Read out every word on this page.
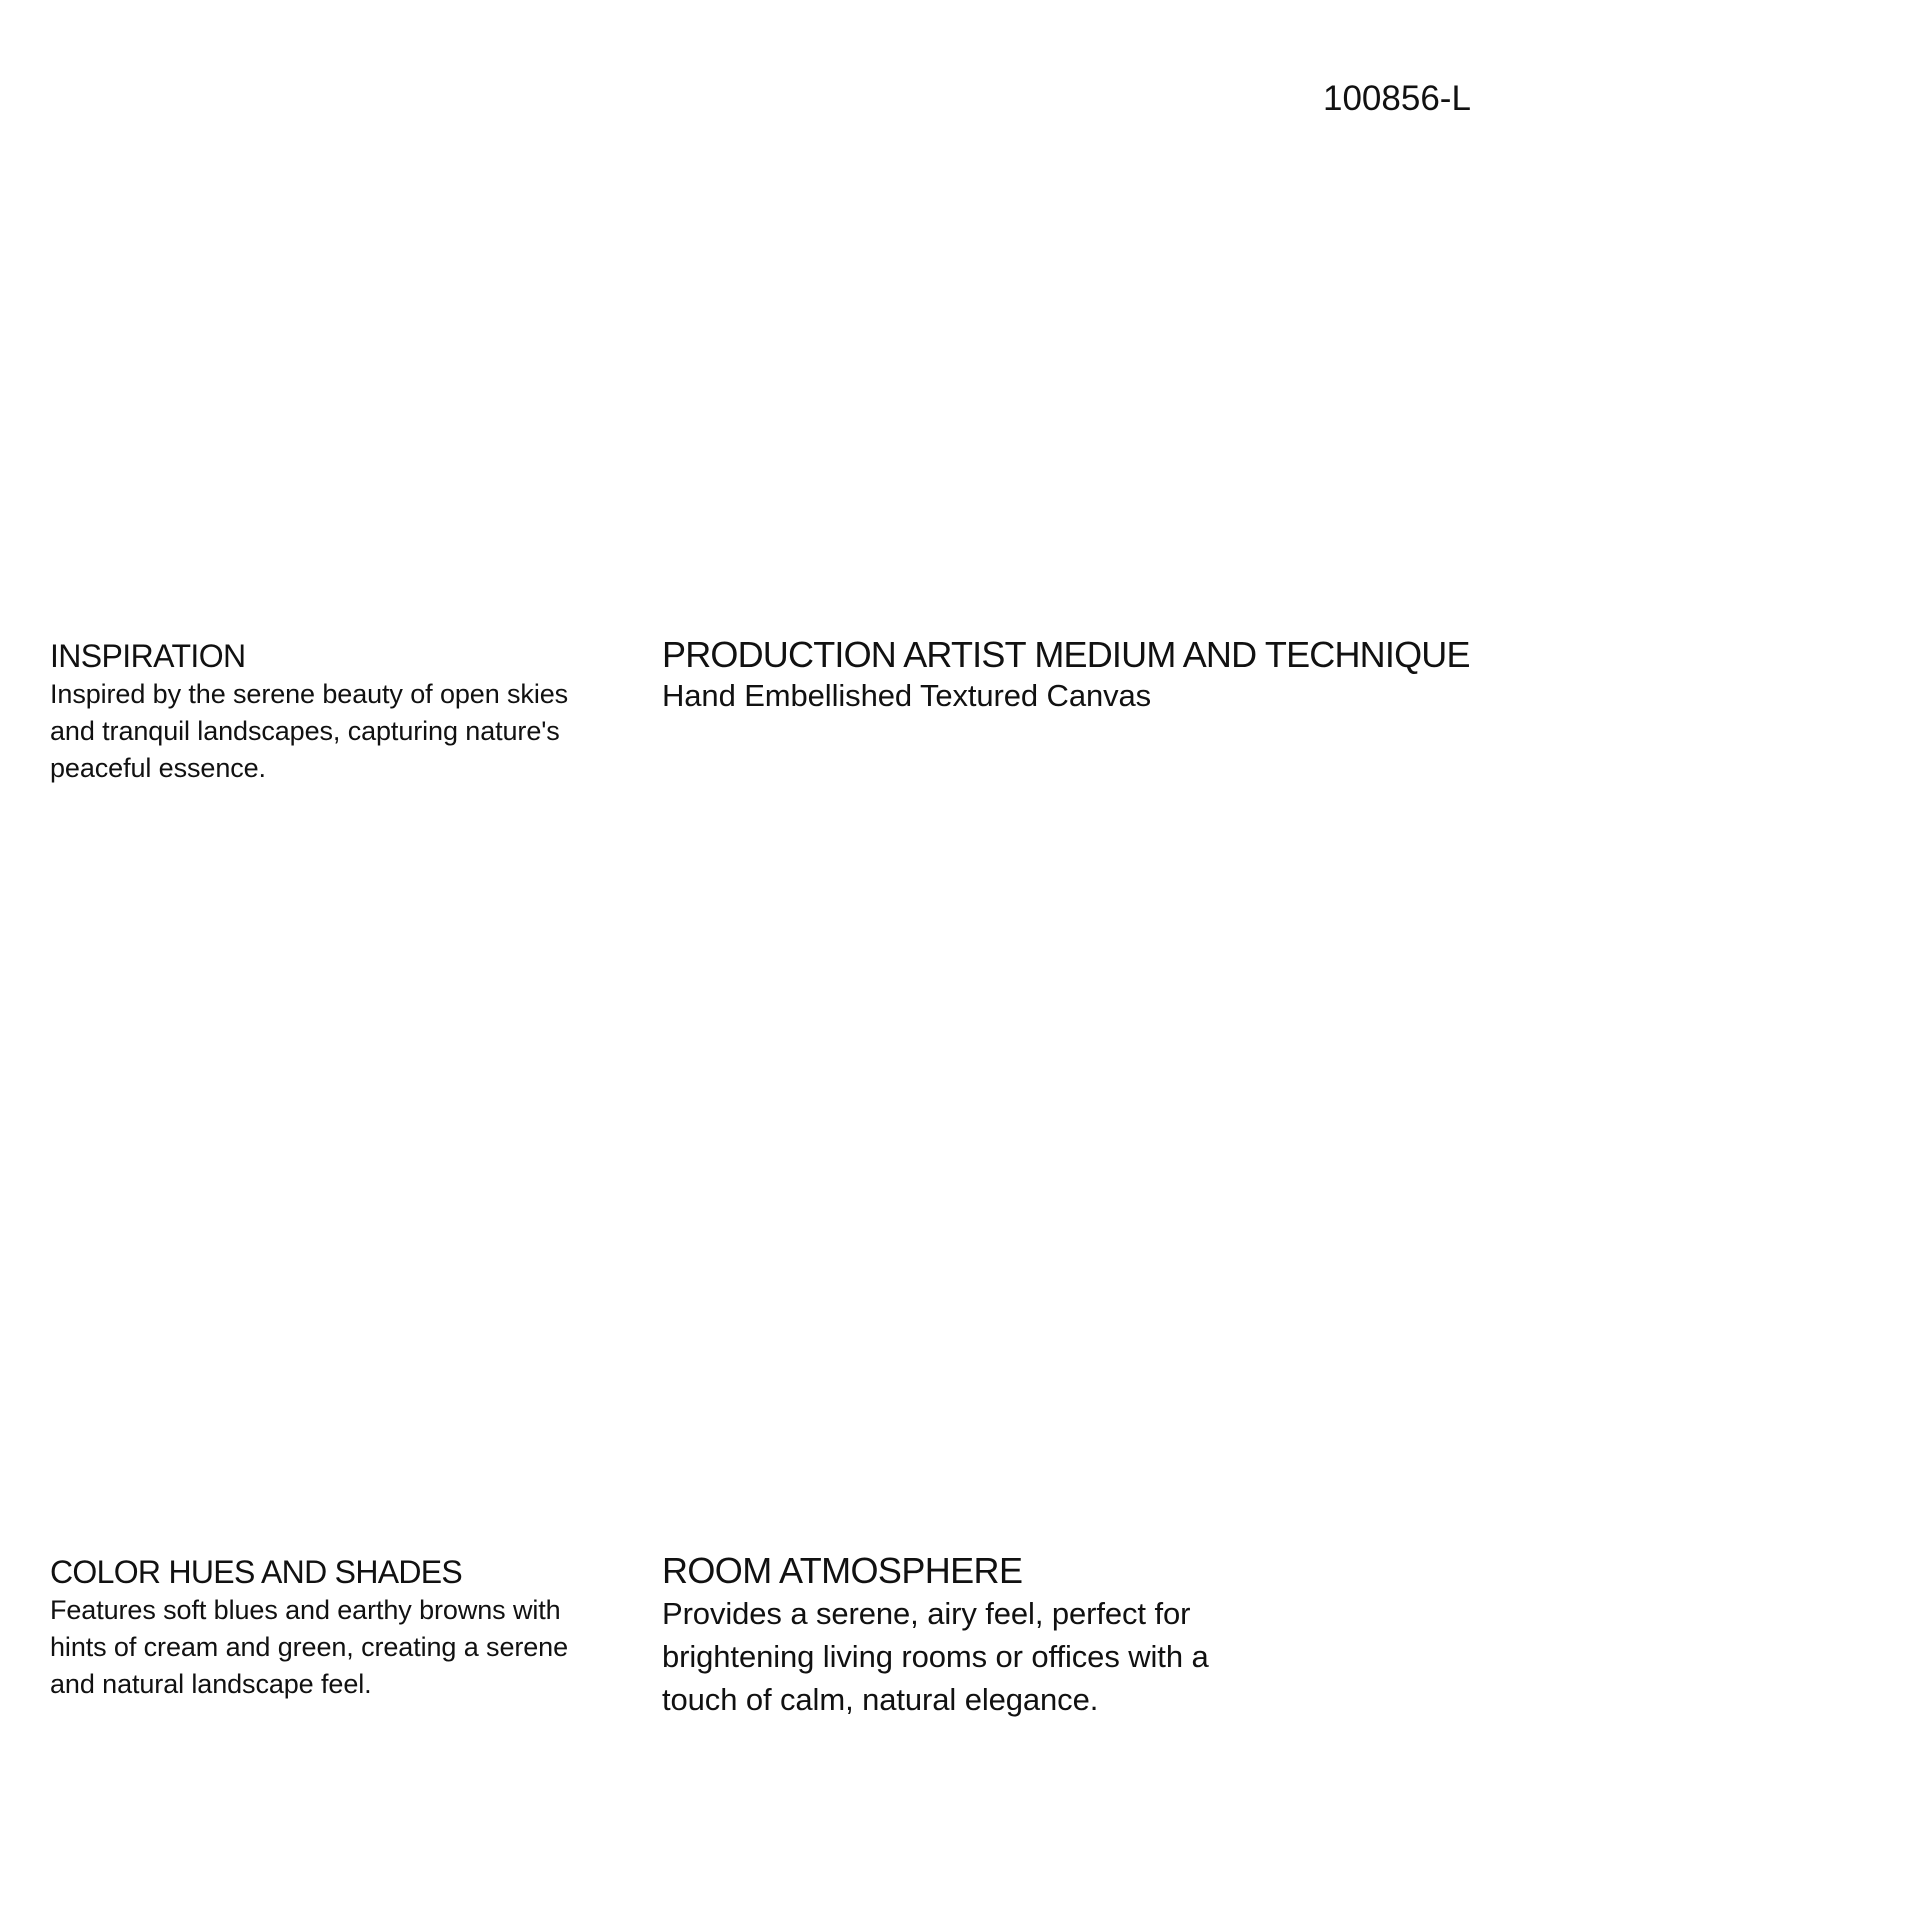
100856-L
INSPIRATION

Inspired by the serene beauty of open skies and tranquil landscapes, capturing nature's peaceful essence.

PRODUCTION ARTIST MEDIUM AND TECHNIQUE

Hand Embellished Textured Canvas

COLOR HUES AND SHADES

Features soft blues and earthy browns with hints of cream and green, creating a serene and natural landscape feel.

ROOM ATMOSPHERE

Provides a serene, airy feel, perfect for brightening living rooms or offices with a touch of calm, natural elegance.
